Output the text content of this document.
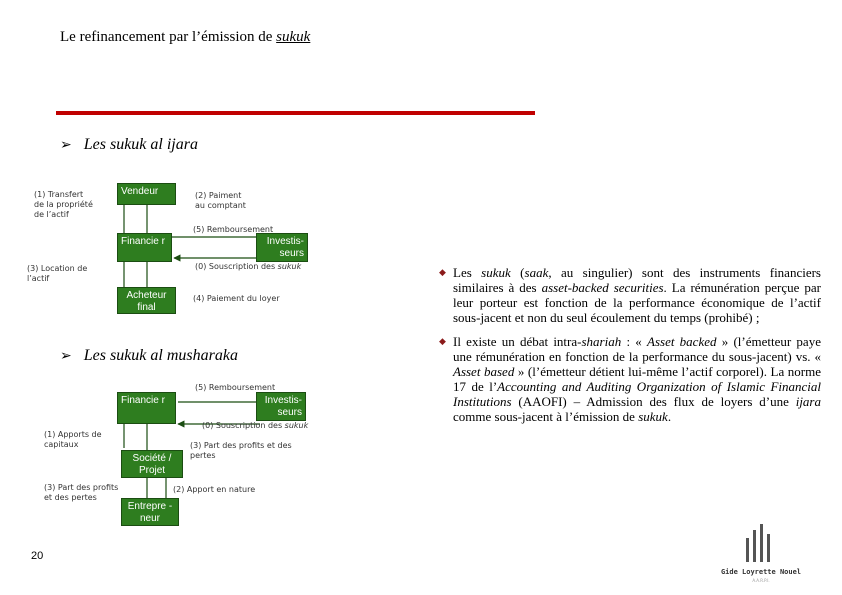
Le refinancement par l’émission de sukuk
➢ Les sukuk al ijara
Vendeur
Financie r	Investis- seurs
Acheteur final
(1) Transfert
de la propriété
de l’actif
(2) Paiment
au comptant
(5) Remboursement
(3) Location de
l’actif
(0) Souscription des sukuk
(4) Paiement du loyer
➢ Les sukuk al musharaka
Financie r	Investis- seurs
Société / Projet
Entrepre -neur
(5) Remboursement
(1) Apports de
capitaux
(0) Souscription des sukuk
(3) Part des profits et des
pertes
(3) Part des profits
et des pertes
(2) Apport en nature
◆ Les sukuk (saak, au singulier) sont des instruments financiers similaires à des asset-backed securities. La rémunération perçue par leur porteur est fonction de la performance économique de l’actif sous-jacent et non du seul écoulement du temps (prohibé) ;
◆ Il existe un débat intra-shariah : « Asset backed » (l’émetteur paye une rémunération en fonction de la performance du sous-jacent) vs. « Asset based » (l’émetteur détient lui-même l’actif corporel). La norme 17 de l’Accounting and Auditing Organization of Islamic Financial Institutions (AAOFI) – Admission des flux de loyers d’une ijara comme sous-jacent à l’émission de sukuk.
20
Gide Loyrette Nouel
A.A.R.P.I.
